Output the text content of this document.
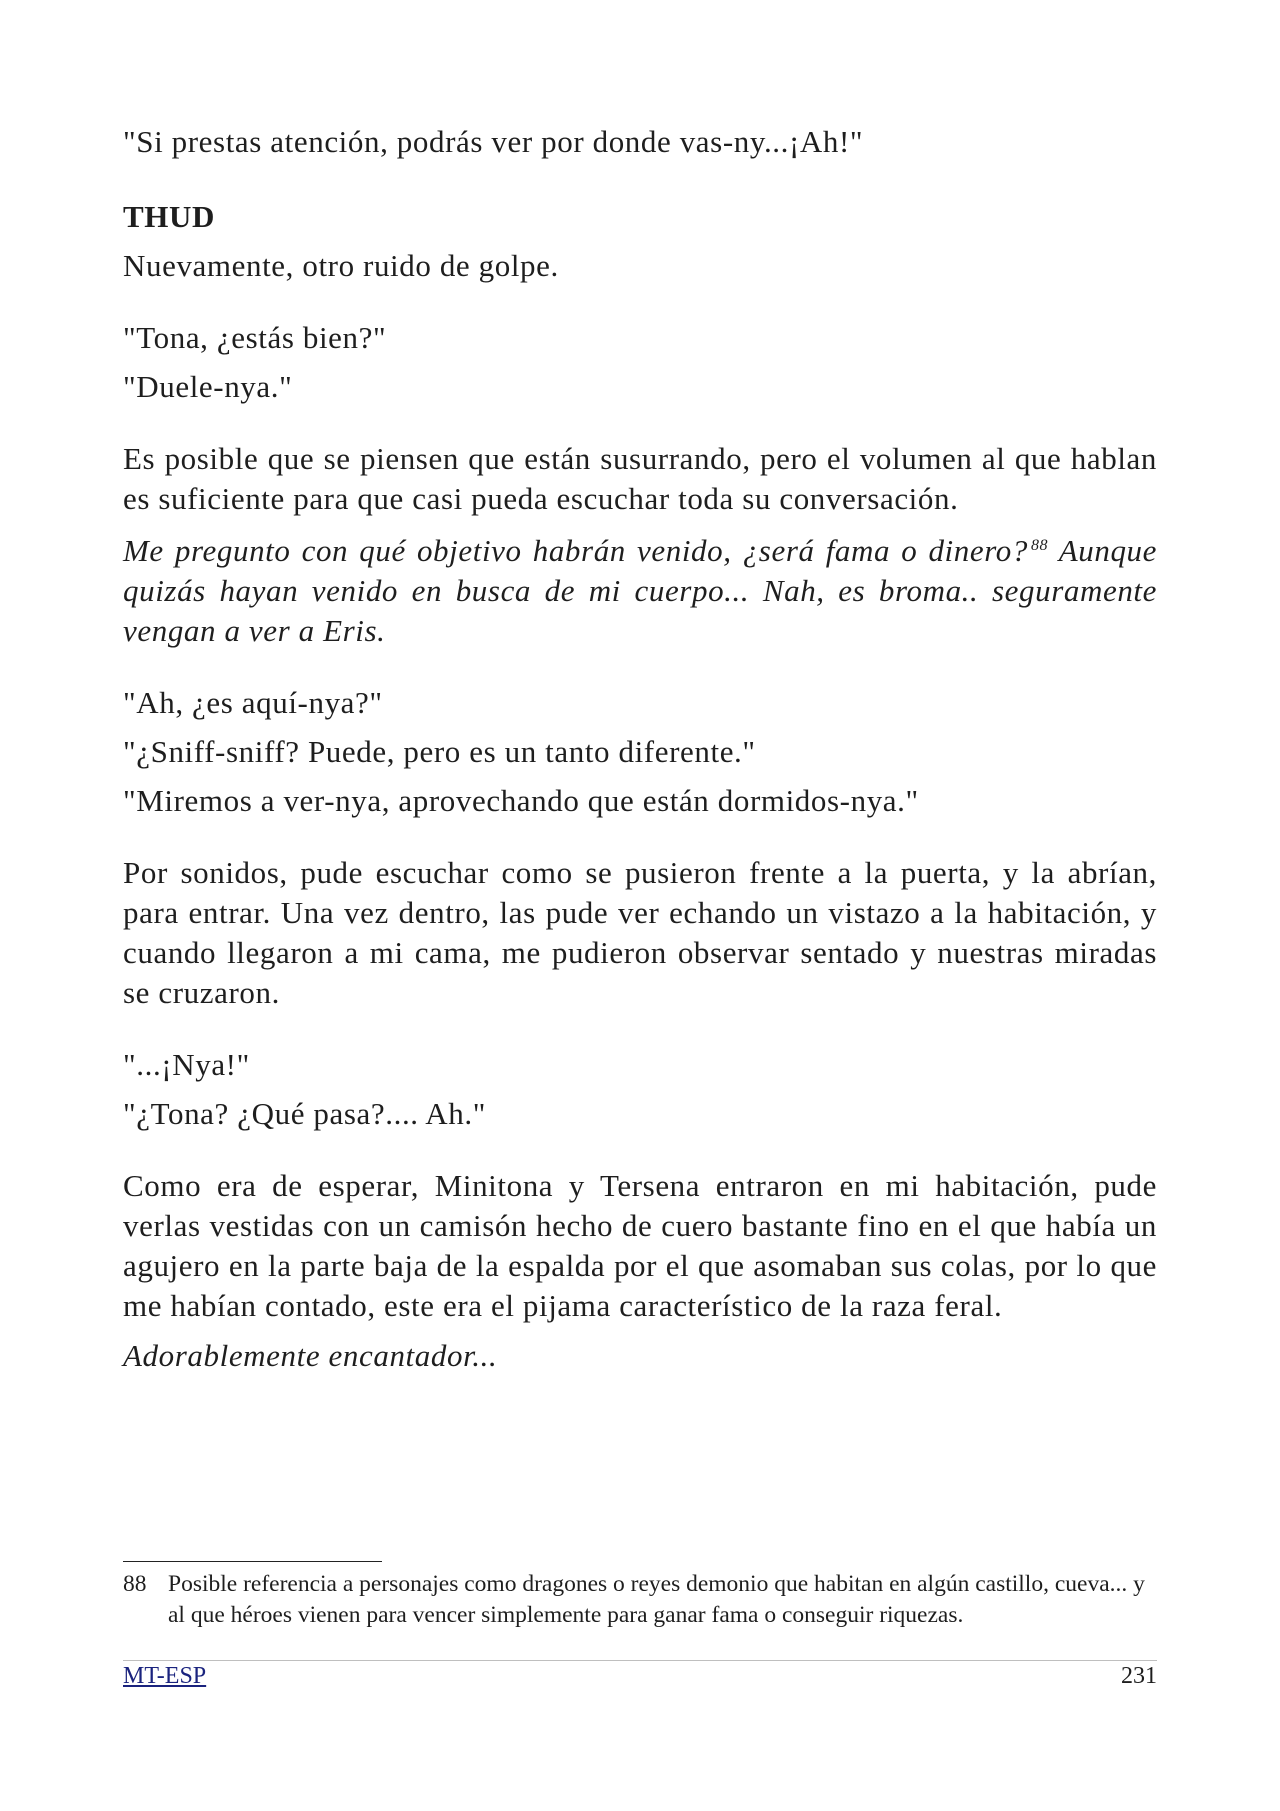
"Si prestas atención, podrás ver por donde vas-ny...¡Ah!"

THUD

Nuevamente, otro ruido de golpe.

"Tona, ¿estás bien?"

"Duele-nya."

Es posible que se piensen que están susurrando, pero el volumen al que hablan es suficiente para que casi pueda escuchar toda su conversación.

Me pregunto con qué objetivo habrán venido, ¿será fama o dinero? $^{88}$ Aunque quizás hayan venido en busca de mi cuerpo... Nah, es broma.. seguramente vengan a ver a Eris.

"Ah, ¿es aquí-nya?"

"¿Sniff-sniff? Puede, pero es un tanto diferente."

"Miremos a ver-nya, aprovechando que están dormidos-nya."

Por sonidos, pude escuchar como se pusieron frente a la puerta, y la abrían, para entrar. Una vez dentro, las pude ver echando un vistazo a la habitación, y cuando llegaron a mi cama, me pudieron observar sentado y nuestras miradas se cruzaron.

"...¡Nya!"

"¿Tona? ¿Qué pasa?.... Ah."

Como era de esperar, Minitona y Tersena entraron en mi habitación, pude verlas vestidas con un camisón hecho de cuero bastante fino en el que había un agujero en la parte baja de la espalda por el que asomaban sus colas, por lo que me habían contado, este era el pijama característico de la raza feral.

Adorablemente encantador...

88 Posible referencia a personajes como dragones o reyes demonio que habitan en algún castillo, cueva... y al que héroes vienen para vencer simplemente para ganar fama o conseguir riquezas.
MT-ESP	231
